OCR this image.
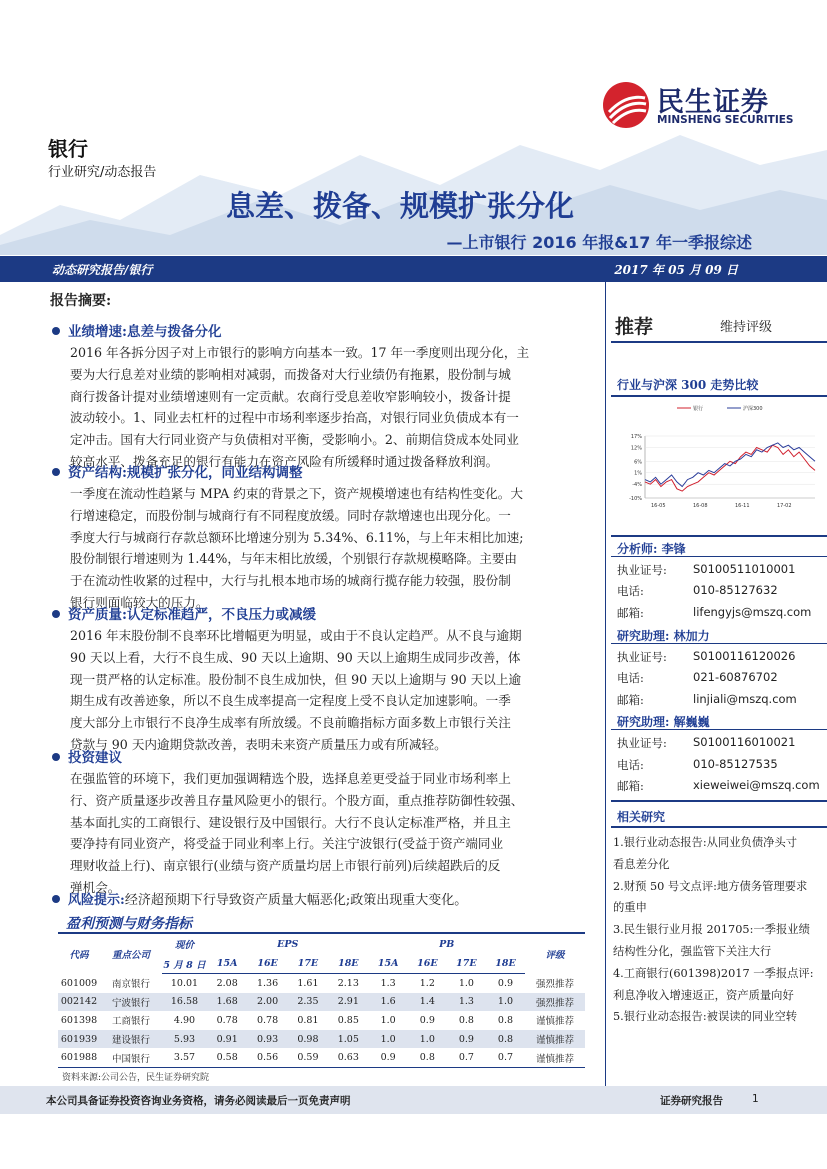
民生证券
MINSHENG SECURITIES
银行
行业研究/动态报告
息差、拨备、规模扩张分化
—上市银行 2016 年报&17 年一季报综述
动态研究报告/银行	2017 年 05 月 09 日
报告摘要:
业绩增速:息差与拨备分化
2016 年各拆分因子对上市银行的影响方向基本一致。17 年一季度则出现分化，主
要为大行息差对业绩的影响相对减弱，而拨备对大行业绩仍有拖累，股份制与城
商行拨备计提对业绩增速则有一定贡献。农商行受息差收窄影响较小，拨备计提
波动较小。1、同业去杠杆的过程中市场利率逐步抬高，对银行同业负债成本有一
定冲击。国有大行同业资产与负债相对平衡，受影响小。2、前期信贷成本处同业
较高水平、拨备充足的银行有能力在资产风险有所缓释时通过拨备释放利润。
资产结构:规模扩张分化，同业结构调整
一季度在流动性趋紧与 MPA 约束的背景之下，资产规模增速也有结构性变化。大
行增速稳定，而股份制与城商行有不同程度放缓。同时存款增速也出现分化。一
季度大行与城商行存款总额环比增速分别为 5.34%、6.11%，与上年末相比加速;
股份制银行增速则为 1.44%，与年末相比放缓，个别银行存款规模略降。主要由
于在流动性收紧的过程中，大行与扎根本地市场的城商行揽存能力较强，股份制
银行则面临较大的压力。
资产质量:认定标准趋严，不良压力或减缓
2016 年末股份制不良率环比增幅更为明显，或由于不良认定趋严。从不良与逾期
90 天以上看，大行不良生成、90 天以上逾期、90 天以上逾期生成同步改善，体
现一贯严格的认定标准。股份制不良生成加快，但 90 天以上逾期与 90 天以上逾
期生成有改善迹象，所以不良生成率提高一定程度上受不良认定加速影响。一季
度大部分上市银行不良净生成率有所放缓。不良前瞻指标方面多数上市银行关注
贷款与 90 天内逾期贷款改善，表明未来资产质量压力或有所减轻。
投资建议
在强监管的环境下，我们更加强调精选个股，选择息差更受益于同业市场利率上
行、资产质量逐步改善且存量风险更小的银行。个股方面，重点推荐防御性较强、
基本面扎实的工商银行、建设银行及中国银行。大行不良认定标准严格，并且主
要净持有同业资产，将受益于同业利率上行。关注宁波银行(受益于资产端同业
理财收益上行)、南京银行(业绩与资产质量均居上市银行前列)后续超跌后的反
弹机会。
风险提示:经济超预期下行导致资产质量大幅恶化;政策出现重大变化。
盈利预测与财务指标
代码	重点公司	现价	EPS				PB				评级
		5 月 8 日	15A	16E	17E	18E	15A	16E	17E	18E	
601009	南京银行	10.01	2.08	1.36	1.61	2.13	1.3	1.2	1.0	0.9	强烈推荐
002142	宁波银行	16.58	1.68	2.00	2.35	2.91	1.6	1.4	1.3	1.0	强烈推荐
601398	工商银行	4.90	0.78	0.78	0.81	0.85	1.0	0.9	0.8	0.8	谨慎推荐
601939	建设银行	5.93	0.91	0.93	0.98	1.05	1.0	1.0	0.9	0.8	谨慎推荐
601988	中国银行	3.57	0.58	0.56	0.59	0.63	0.9	0.8	0.7	0.7	谨慎推荐
资料来源:公司公告，民生证券研究院
推荐	维持评级
行业与沪深 300 走势比较
17%
12%
6%
1%
-4%
-10%
16-05	16-08	16-11	17-02
银行	沪深300
分析师: 李锋
执业证号: S0100511010001
电话:	010-85127632
邮箱:	lifengyjs@mszq.com
研究助理: 林加力
执业证号: S0100116120026
电话:	021-60876702
邮箱:	linjiali@mszq.com
研究助理: 解巍巍
执业证号: S0100116010021
电话:	010-85127535
邮箱:	xieweiwei@mszq.com
相关研究
1.银行业动态报告:从同业负债净头寸
看息差分化
2.财预 50 号文点评:地方债务管理要求
的重申
3.民生银行业月报 201705:一季报业绩
结构性分化，强监管下关注大行
4.工商银行(601398)2017 一季报点评:
利息净收入增速返正，资产质量向好
5.银行业动态报告:被误读的同业空转
本公司具备证券投资咨询业务资格，请务必阅读最后一页免责声明	证券研究报告	1
